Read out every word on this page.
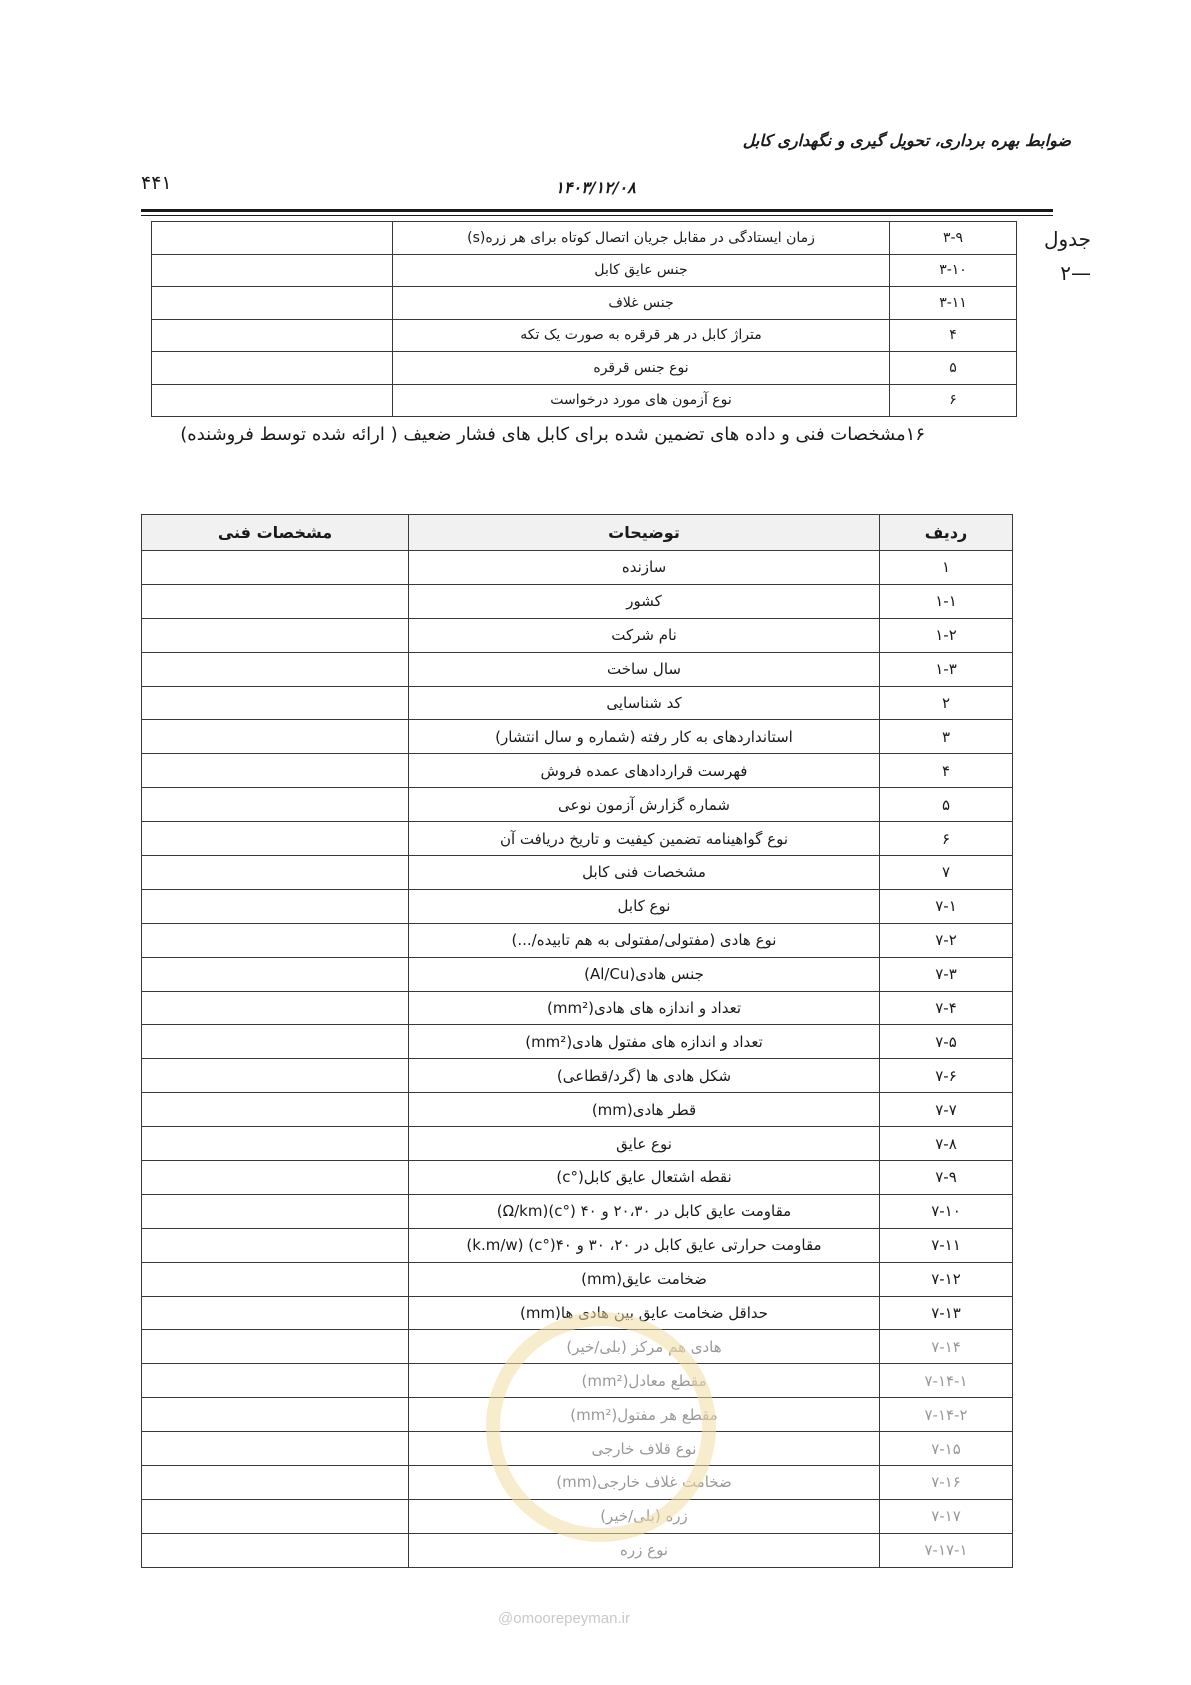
ضوابط بهره برداری، تحویل گیری و نگهداری کابل
۴۴۱	۱۴۰۳/۱۲/۰۸
جدول
—۲
۳-۹	زمان ایستادگی در مقابل جریان اتصال کوتاه برای هر زره(s)	
۳-۱۰	جنس عایق کابل	
۳-۱۱	جنس غلاف	
۴	متراژ کابل در هر قرقره به صورت یک تکه	
۵	نوع جنس قرقره	
۶	نوع آزمون های مورد درخواست	
۱۶مشخصات فنی و داده های تضمین شده برای کابل های فشار ضعیف ( ارائه شده توسط فروشنده)
ردیف	توضیحات	مشخصات فنی
۱	سازنده	
۱-۱	کشور	
۱-۲	نام شرکت	
۱-۳	سال ساخت	
۲	کد شناسایی	
۳	استانداردهای به کار رفته (شماره و سال انتشار)	
۴	فهرست قراردادهای عمده فروش	
۵	شماره گزارش آزمون نوعی	
۶	نوع گواهینامه تضمین کیفیت و تاریخ دریافت آن	
۷	مشخصات فنی کابل	
۷-۱	نوع کابل	
۷-۲	نوع هادی (مفتولی/مفتولی به هم تابیده/...)	
۷-۳	جنس هادی(Al/Cu)	
۷-۴	تعداد و اندازه های هادی(mm²)	
۷-۵	تعداد و اندازه های مفتول هادی(mm²)	
۷-۶	شکل هادی ها (گرد/قطاعی)	
۷-۷	قطر هادی(mm)	
۷-۸	نوع عایق	
۷-۹	نقطه اشتعال عایق کابل(°c)	
۷-۱۰	مقاومت عایق کابل در ۲۰،۳۰ و ۴۰ (°c)(Ω/km)	
۷-۱۱	مقاومت حرارتی عایق کابل در ۲۰، ۳۰ و ۴۰(°c) (k.m/w)	
۷-۱۲	ضخامت عایق(mm)	
۷-۱۳	حداقل ضخامت عایق بین هادی ها(mm)	
۷-۱۴	هادی هم مرکز (بلی/خیر)	
۷-۱۴-۱	مقطع معادل(mm²)	
۷-۱۴-۲	مقطع هر مفتول(mm²)	
۷-۱۵	نوع قلاف خارجی	
۷-۱۶	ضخامت غلاف خارجی(mm)	
۷-۱۷	زره (بلی/خیر)	
۷-۱۷-۱	نوع زره	
@omoorepeyman.ir
